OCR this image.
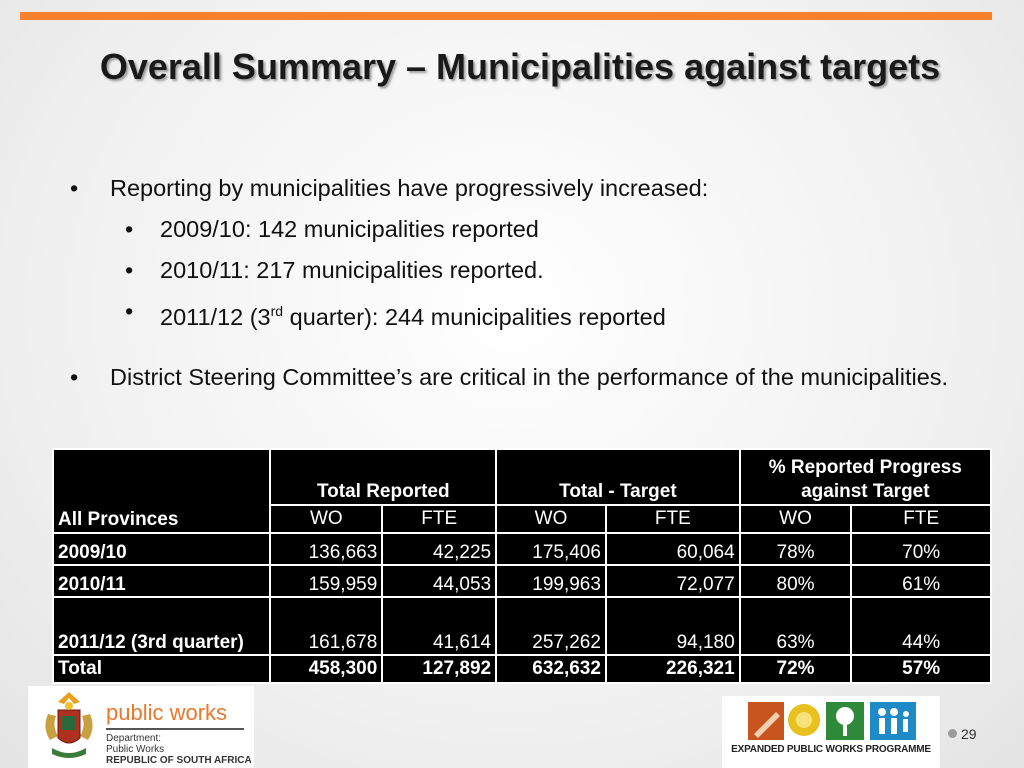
Overall Summary – Municipalities against targets
• Reporting by municipalities have progressively increased:
• 2009/10: 142 municipalities reported
• 2010/11: 217 municipalities reported.
• 2011/12 (3rd quarter): 244 municipalities reported
• District Steering Committee’s are critical in the performance of the municipalities.
All Provinces	Total Reported		Total - Target		% Reported Progress against Target	
	WO	FTE	WO	FTE	WO	FTE
2009/10	136,663	42,225	175,406	60,064	78%	70%
2010/11	159,959	44,053	199,963	72,077	80%	61%
2011/12 (3rd quarter)	161,678	41,614	257,262	94,180	63%	44%
Total	458,300	127,892	632,632	226,321	72%	57%
public works
Department:
Public Works
REPUBLIC OF SOUTH AFRICA
EXPANDED PUBLIC WORKS PROGRAMME
29
